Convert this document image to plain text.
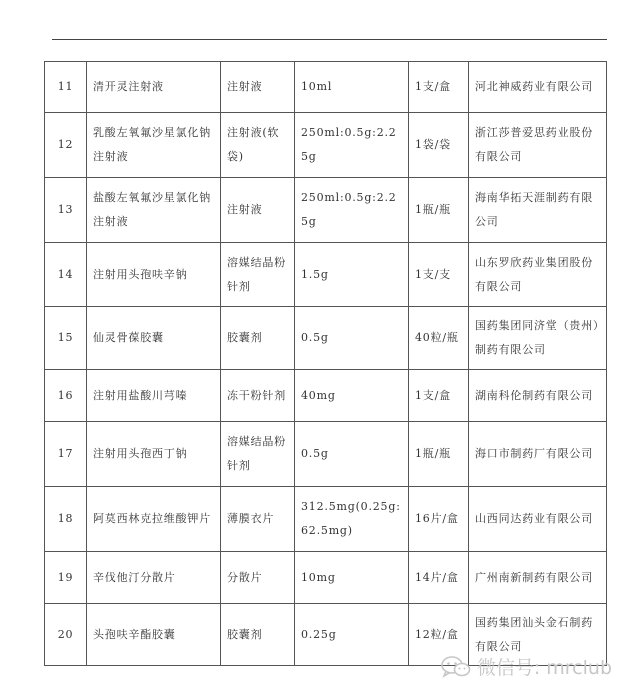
11	清开灵注射液	注射液	10ml	1支/盒	河北神威药业有限公司
12	乳酸左氧氟沙星氯化钠注射液	注射液(软袋)	250ml:0.5g:2.25g	1袋/袋	浙江莎普爱思药业股份有限公司
13	盐酸左氧氟沙星氯化钠注射液	注射液	250ml:0.5g:2.25g	1瓶/瓶	海南华拓天涯制药有限公司
14	注射用头孢呋辛钠	溶媒结晶粉针剂	1.5g	1支/支	山东罗欣药业集团股份有限公司
15	仙灵骨葆胶囊	胶囊剂	0.5g	40粒/瓶	国药集团同济堂（贵州）制药有限公司
16	注射用盐酸川芎嗪	冻干粉针剂	40mg	1支/盒	湖南科伦制药有限公司
17	注射用头孢西丁钠	溶媒结晶粉针剂	0.5g	1瓶/瓶	海口市制药厂有限公司
18	阿莫西林克拉维酸钾片	薄膜衣片	312.5mg(0.25g:62.5mg)	16片/盒	山西同达药业有限公司
19	辛伐他汀分散片	分散片	10mg	14片/盒	广州南新制药有限公司
20	头孢呋辛酯胶囊	胶囊剂	0.25g	12粒/盒	国药集团汕头金石制药有限公司
微信号: mrclub
